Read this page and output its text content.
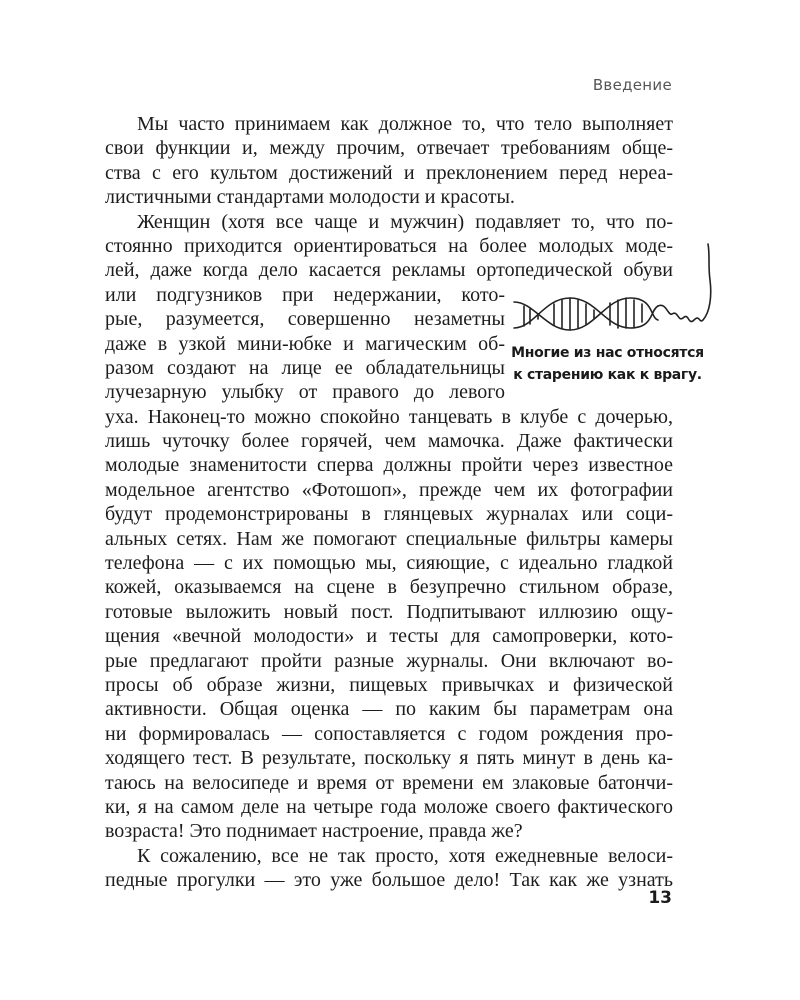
Введение
Мы часто принимаем как должное то, что тело выполняет
свои функции и, между прочим, отвечает требованиям обще-
ства с его культом достижений и преклонением перед нереа-
листичными стандартами молодости и красоты.
Женщин (хотя все чаще и мужчин) подавляет то, что по-
стоянно приходится ориентироваться на более молодых моде-
лей, даже когда дело касается рекламы ортопедической обуви
или подгузников при недержании, кото-
рые, разумеется, совершенно незаметны
даже в узкой мини-юбке и магическим об-
разом создают на лице ее обладательницы
лучезарную улыбку от правого до левого
уха. Наконец-то можно спокойно танцевать в клубе с дочерью,
лишь чуточку более горячей, чем мамочка. Даже фактически
молодые знаменитости сперва должны пройти через известное
модельное агентство «Фотошоп», прежде чем их фотографии
будут продемонстрированы в глянцевых журналах или соци-
альных сетях. Нам же помогают специальные фильтры камеры
телефона — с их помощью мы, сияющие, с идеально гладкой
кожей, оказываемся на сцене в безупречно стильном образе,
готовые выложить новый пост. Подпитывают иллюзию ощу-
щения «вечной молодости» и тесты для самопроверки, кото-
рые предлагают пройти разные журналы. Они включают во-
просы об образе жизни, пищевых привычках и физической
активности. Общая оценка — по каким бы параметрам она
ни формировалась — сопоставляется с годом рождения про-
ходящего тест. В результате, поскольку я пять минут в день ка-
таюсь на велосипеде и время от времени ем злаковые батончи-
ки, я на самом деле на четыре года моложе своего фактического
возраста! Это поднимает настроение, правда же?
К сожалению, все не так просто, хотя ежедневные велоси-
педные прогулки — это уже большое дело! Так как же узнать
Многие из нас относятся
к старению как к врагу.
13
